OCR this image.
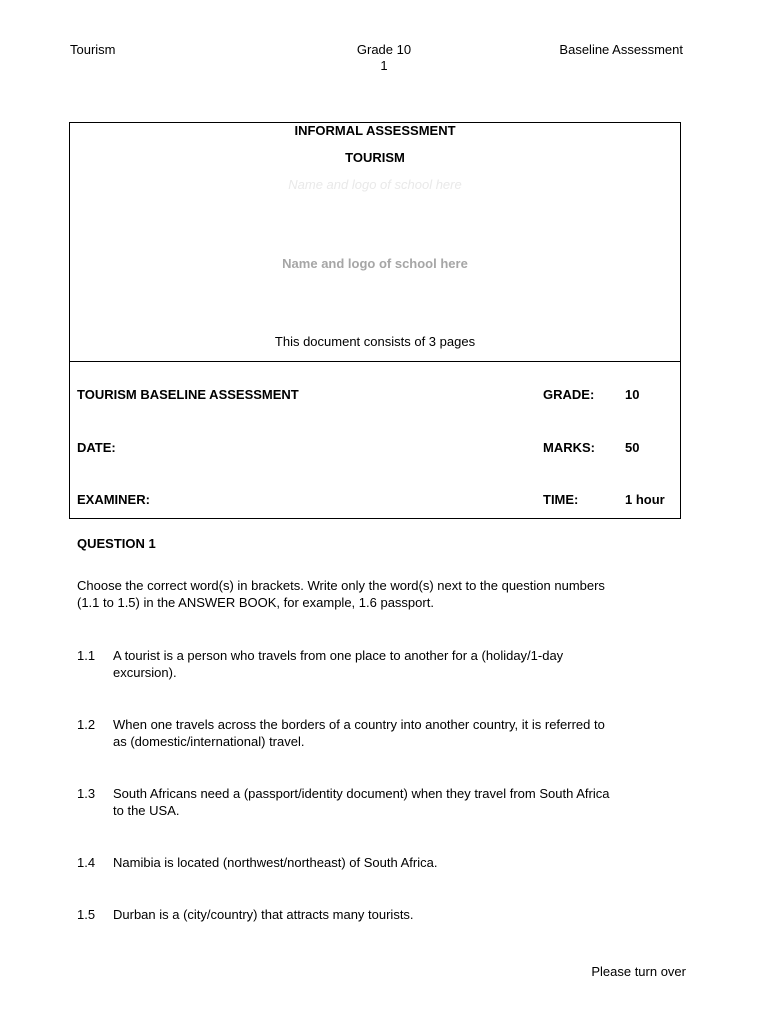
Tourism	Grade 10
1
Baseline Assessment
INFORMAL ASSESSMENT
TOURISM
Name and logo of school here
Name and logo of school here
This document consists of 3 pages
TOURISM BASELINE ASSESSMENT	GRADE: 10
DATE:	MARKS: 50
EXAMINER:	TIME:	1 hour
QUESTION 1
Choose the correct word(s) in brackets. Write only the word(s) next to the question numbers (1.1 to 1.5) in the ANSWER BOOK, for example, 1.6 passport.
1.1 A tourist is a person who travels from one place to another for a (holiday/1-day excursion).
1.2 When one travels across the borders of a country into another country, it is referred to as (domestic/international) travel.
1.3 South Africans need a (passport/identity document) when they travel from South Africa to the USA.
1.4 Namibia is located (northwest/northeast) of South Africa.
1.5 Durban is a (city/country) that attracts many tourists.
Please turn over
